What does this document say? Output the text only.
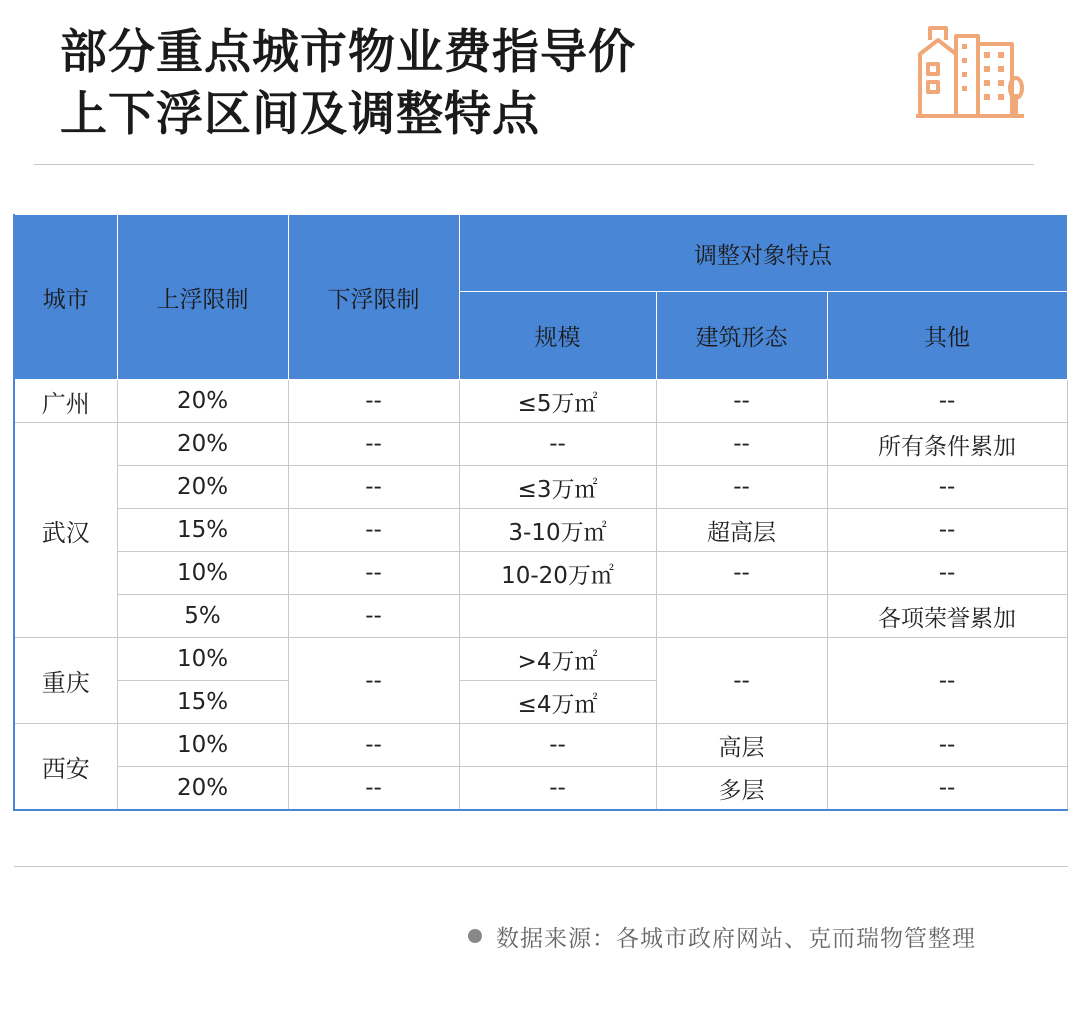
部分重点城市物业费指导价
上下浮区间及调整特点
城市	上浮限制	下浮限制	调整对象特点		
			规模	建筑形态	其他
广州	20%	--	≤5万㎡	--	--
武汉	20%	--	--	--	所有条件累加
	20%	--	≤3万㎡	--	--
	15%	--	3-10万㎡	超高层	--
	10%	--	10-20万㎡	--	--
	5%	--			各项荣誉累加
重庆	10%	--	>4万㎡	--	--
	15%		≤4万㎡		
西安	10%	--	--	高层	--
	20%	--	--	多层	--
数据来源：各城市政府网站、克而瑞物管整理
